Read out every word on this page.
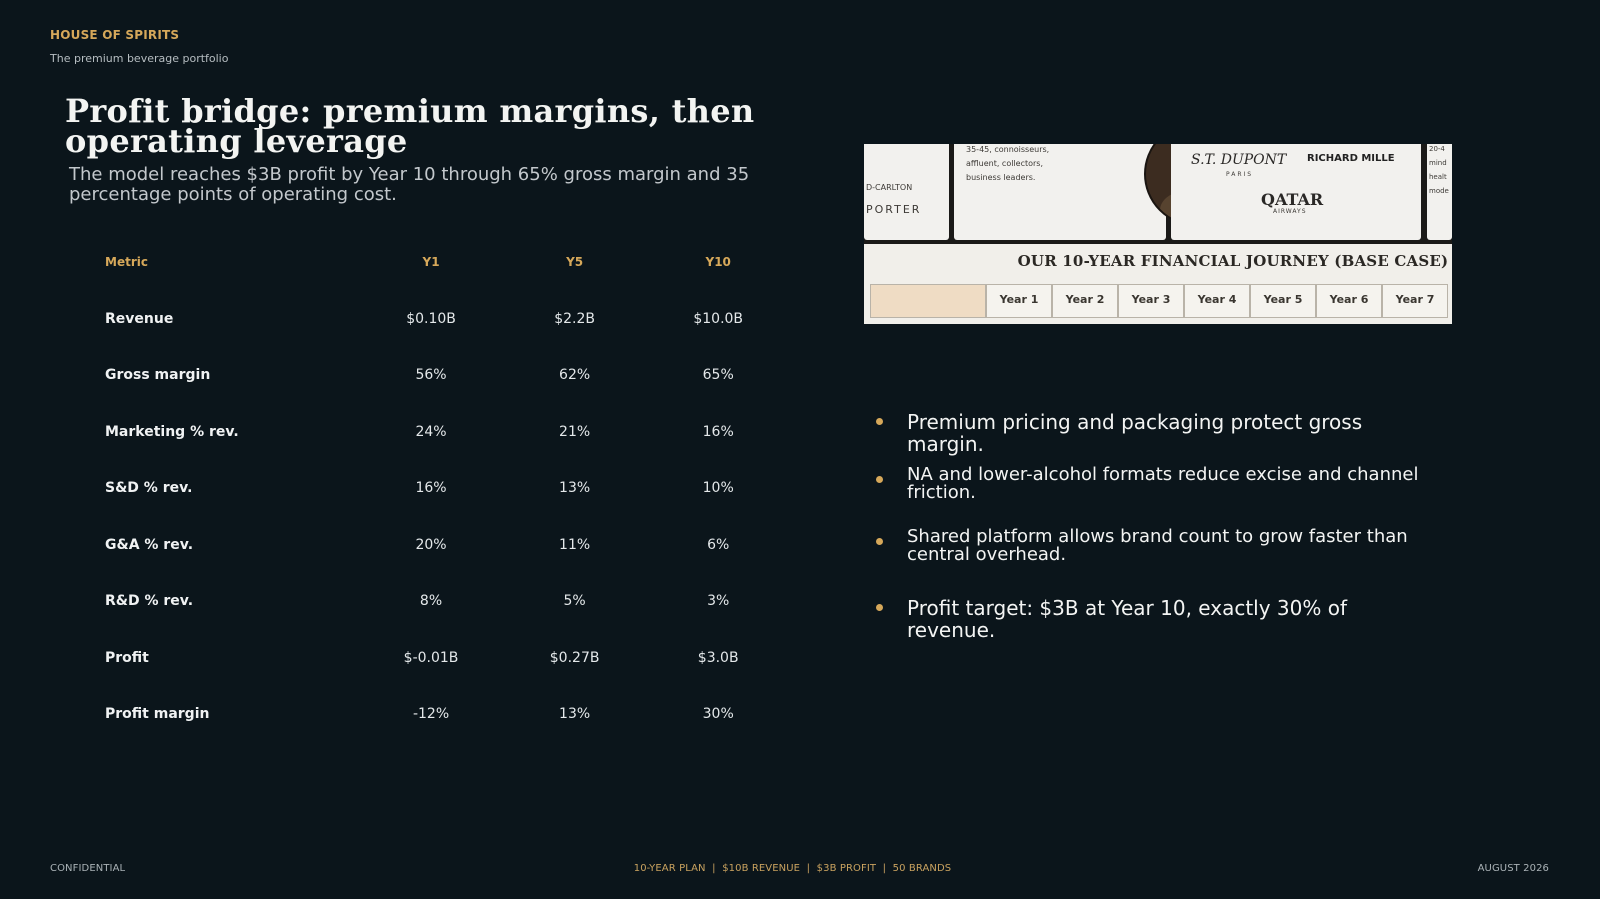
HOUSE OF SPIRITS
The premium beverage portfolio
Profit bridge: premium margins, then operating leverage

The model reaches $3B profit by Year 10 through 65% gross margin and 35 percentage points of operating cost.

Metric	Y1	Y5	Y10
Revenue	$0.10B	$2.2B	$10.0B
Gross margin	56%	62%	65%
Marketing % rev.	24%	21%	16%
S&D % rev.	16%	13%	10%
G&A % rev.	20%	11%	6%
R&D % rev.	8%	5%	3%
Profit	$-0.01B	$0.27B	$3.0B
Profit margin	-12%	13%	30%
D-CARLTON
PORTER
35-45, connoisseurs,
affluent, collectors,
business leaders.
S.T. DUPONT
PARIS
RICHARD MILLE
QATAR
AIRWAYS
20-4
mind
healt
mode
OUR 10-YEAR FINANCIAL JOURNEY (BASE CASE)
Year 1	Year 2	Year 3	Year 4	Year 5	Year 6	Year 7
Premium pricing and packaging protect gross margin.
NA and lower-alcohol formats reduce excise and channel friction.
Shared platform allows brand count to grow faster than central overhead.
Profit target: $3B at Year 10, exactly 30% of revenue.
CONFIDENTIAL	10-YEAR PLAN  |  $10B REVENUE  |  $3B PROFIT  |  50 BRANDS	AUGUST 2026
